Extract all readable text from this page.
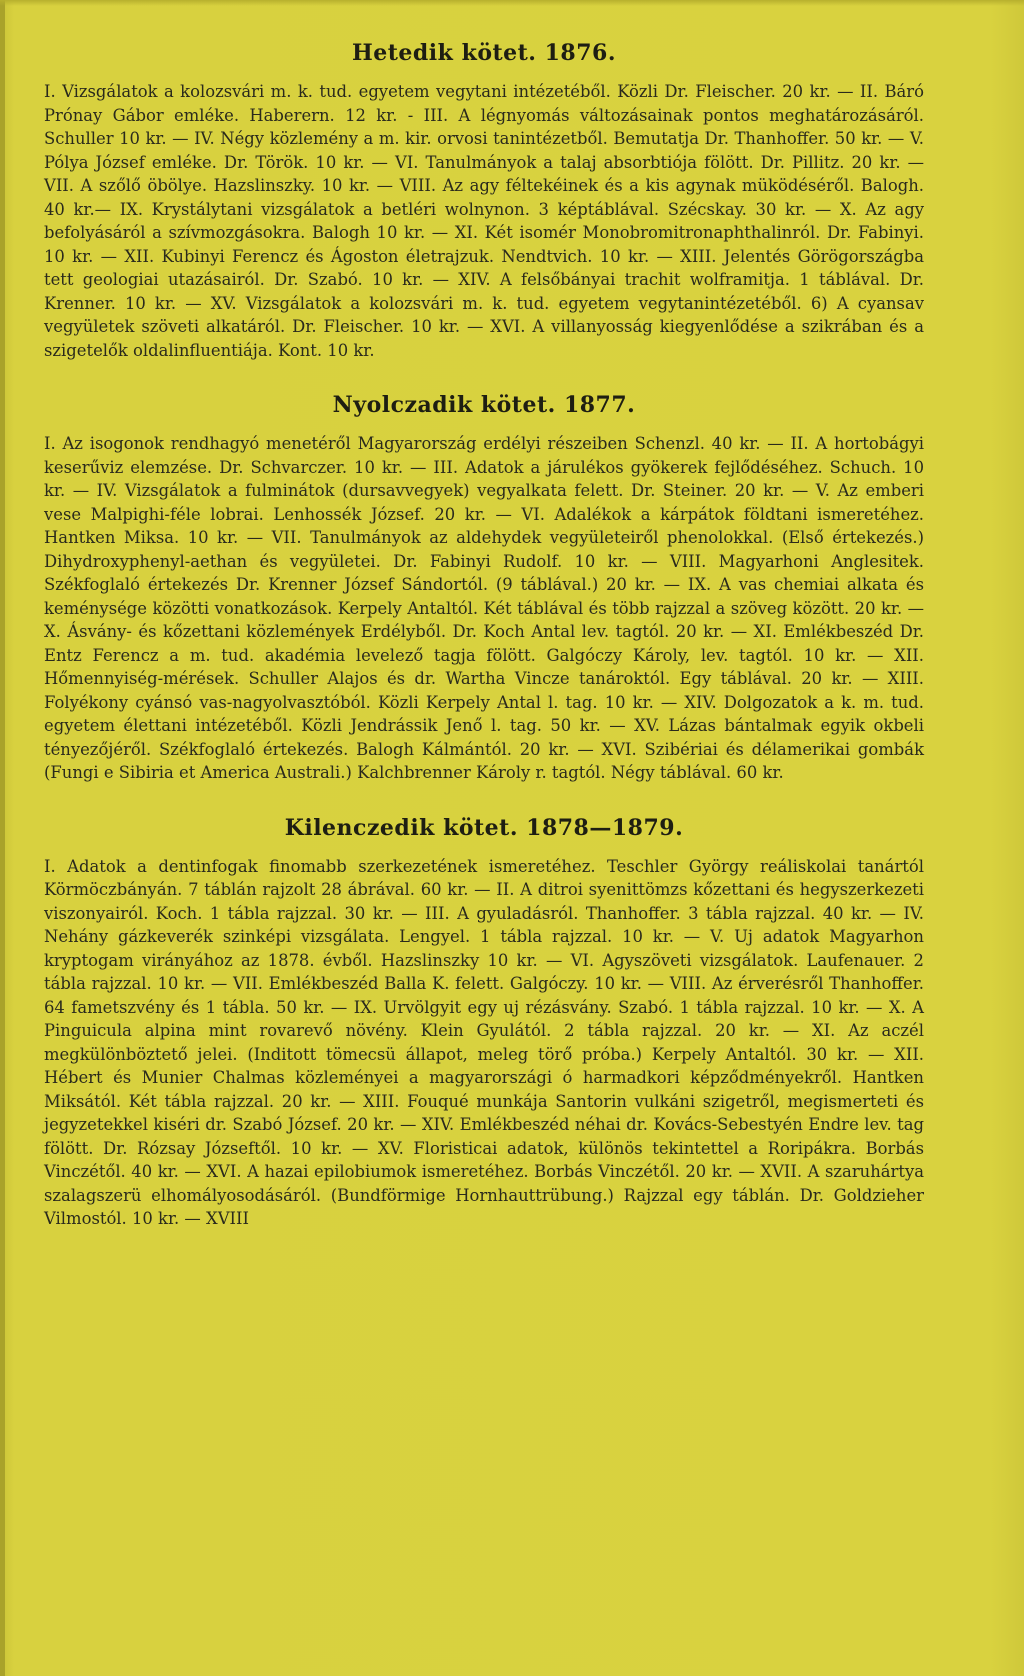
Hetedik kötet. 1876.

I. Vizsgálatok a kolozsvári m. k. tud. egyetem vegytani intézetéből. Közli Dr. Fleischer. 20 kr. — II. Báró Prónay Gábor emléke. Haberern. 12 kr. - III. A légnyomás változásainak pontos meghatározásáról. Schuller 10 kr. — IV. Négy közlemény a m. kir. orvosi tanintézetből. Bemutatja Dr. Thanhoffer. 50 kr. — V. Pólya József emléke. Dr. Török. 10 kr. — VI. Tanulmányok a talaj absorbtiója fölött. Dr. Pillitz. 20 kr. — VII. A szőlő öbölye. Hazslinszky. 10 kr. — VIII. Az agy féltekéinek és a kis agynak müködéséről. Balogh. 40 kr.— IX. Krystálytani vizsgálatok a betléri wolnynon. 3 képtáblával. Szécskay. 30 kr. — X. Az agy befolyásáról a szívmozgásokra. Balogh 10 kr. — XI. Két isomér Monobromitronaphthalinról. Dr. Fabinyi. 10 kr. — XII. Kubinyi Ferencz és Ágoston életrajzuk. Nendtvich. 10 kr. — XIII. Jelentés Görögországba tett geologiai utazásairól. Dr. Szabó. 10 kr. — XIV. A felsőbányai trachit wolframitja. 1 táblával. Dr. Krenner. 10 kr. — XV. Vizsgálatok a kolozsvári m. k. tud. egyetem vegytanintézetéből. 6) A cyansav vegyületek szöveti alkatáról. Dr. Fleischer. 10 kr. — XVI. A villanyosság kiegyenlődése a szikrában és a szigetelők oldalinfluentiája. Kont. 10 kr.

Nyolczadik kötet. 1877.

I. Az isogonok rendhagyó menetéről Magyarország erdélyi részeiben Schenzl. 40 kr. — II. A hortobágyi keserűviz elemzése. Dr. Schvarczer. 10 kr. — III. Adatok a járulékos gyökerek fejlődéséhez. Schuch. 10 kr. — IV. Vizsgálatok a fulminátok (dursavvegyek) vegyalkata felett. Dr. Steiner. 20 kr. — V. Az emberi vese Malpighi-féle lobrai. Lenhossék József. 20 kr. — VI. Adalékok a kárpátok földtani ismeretéhez. Hantken Miksa. 10 kr. — VII. Tanulmányok az aldehydek vegyületeiről phenolokkal. (Első értekezés.) Dihydroxyphenyl-aethan és vegyületei. Dr. Fabinyi Rudolf. 10 kr. — VIII. Magyarhoni Anglesitek. Székfoglaló értekezés Dr. Krenner József Sándortól. (9 táblával.) 20 kr. — IX. A vas chemiai alkata és keménysége közötti vonatkozások. Kerpely Antaltól. Két táblával és több rajzzal a szöveg között. 20 kr. — X. Ásvány- és kőzettani közlemények Erdélyből. Dr. Koch Antal lev. tagtól. 20 kr. — XI. Emlékbeszéd Dr. Entz Ferencz a m. tud. akadémia levelező tagja fölött. Galgóczy Károly, lev. tagtól. 10 kr. — XII. Hőmennyiség-mérések. Schuller Alajos és dr. Wartha Vincze tanároktól. Egy táblával. 20 kr. — XIII. Folyékony cyánsó vas-nagyolvasztóból. Közli Kerpely Antal l. tag. 10 kr. — XIV. Dolgozatok a k. m. tud. egyetem élettani intézetéből. Közli Jendrássik Jenő l. tag. 50 kr. — XV. Lázas bántalmak egyik okbeli tényezőjéről. Székfoglaló értekezés. Balogh Kálmántól. 20 kr. — XVI. Szibériai és délamerikai gombák (Fungi e Sibiria et America Australi.) Kalchbrenner Károly r. tagtól. Négy táblával. 60 kr.

Kilenczedik kötet. 1878—1879.

I. Adatok a dentinfogak finomabb szerkezetének ismeretéhez. Teschler György reáliskolai tanártól Körmöczbányán. 7 táblán rajzolt 28 ábrával. 60 kr. — II. A ditroi syenittömzs kőzettani és hegyszerkezeti viszonyairól. Koch. 1 tábla rajzzal. 30 kr. — III. A gyuladásról. Thanhoffer. 3 tábla rajzzal. 40 kr. — IV. Nehány gázkeverék szinképi vizsgálata. Lengyel. 1 tábla rajzzal. 10 kr. — V. Uj adatok Magyarhon kryptogam virányához az 1878. évből. Hazslinszky 10 kr. — VI. Agyszöveti vizsgálatok. Laufenauer. 2 tábla rajzzal. 10 kr. — VII. Emlékbeszéd Balla K. felett. Galgóczy. 10 kr. — VIII. Az érverésről Thanhoffer. 64 fametszvény és 1 tábla. 50 kr. — IX. Urvölgyit egy uj rézásvány. Szabó. 1 tábla rajzzal. 10 kr. — X. A Pinguicula alpina mint rovarevő növény. Klein Gyulától. 2 tábla rajzzal. 20 kr. — XI. Az aczél megkülönböztető jelei. (Inditott tömecsü állapot, meleg törő próba.) Kerpely Antaltól. 30 kr. — XII. Hébert és Munier Chalmas közleményei a magyarországi ó harmadkori képződményekről. Hantken Miksától. Két tábla rajzzal. 20 kr. — XIII. Fouqué munkája Santorin vulkáni szigetről, megismerteti és jegyzetekkel kiséri dr. Szabó József. 20 kr. — XIV. Emlékbeszéd néhai dr. Kovács-Sebestyén Endre lev. tag fölött. Dr. Rózsay Józseftől. 10 kr. — XV. Floristicai adatok, különös tekintettel a Roripákra. Borbás Vinczétől. 40 kr. — XVI. A hazai epilobiumok ismeretéhez. Borbás Vinczétől. 20 kr. — XVII. A szaruhártya szalagszerü elhomályosodásáról. (Bundförmige Hornhauttrübung.) Rajzzal egy táblán. Dr. Goldzieher Vilmostól. 10 kr. — XVIII
